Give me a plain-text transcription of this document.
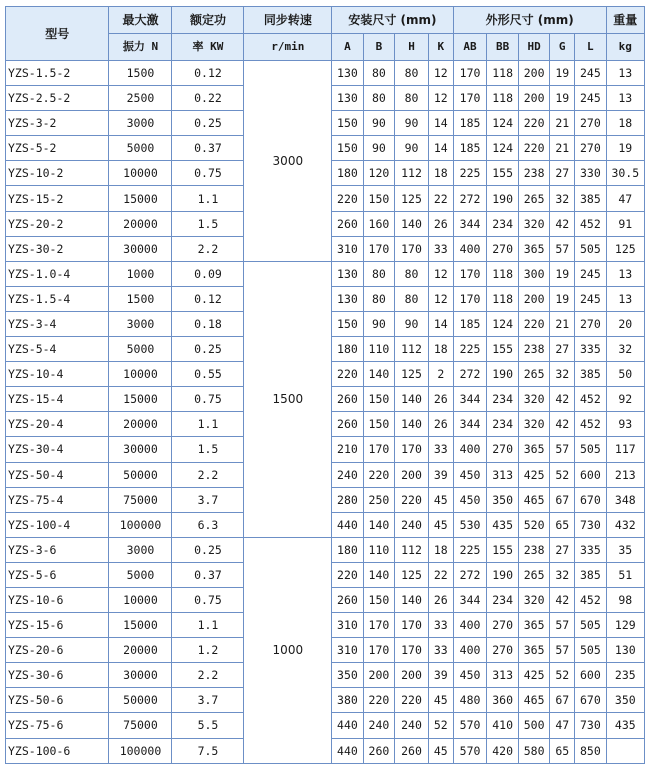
型号	最大激	额定功	同步转速	安装尺寸 (mm)				外形尺寸 (mm)					重量
	振力 N	率 KW	r/min	A	B	H	K	AB	BB	HD	G	L	kg
YZS-1.5-2	1500	0.12	3000	130	80	80	12	170	118	200	19	245	13
YZS-2.5-2	2500	0.22		130	80	80	12	170	118	200	19	245	13
YZS-3-2	3000	0.25		150	90	90	14	185	124	220	21	270	18
YZS-5-2	5000	0.37		150	90	90	14	185	124	220	21	270	19
YZS-10-2	10000	0.75		180	120	112	18	225	155	238	27	330	30.5
YZS-15-2	15000	1.1		220	150	125	22	272	190	265	32	385	47
YZS-20-2	20000	1.5		260	160	140	26	344	234	320	42	452	91
YZS-30-2	30000	2.2		310	170	170	33	400	270	365	57	505	125
YZS-1.0-4	1000	0.09	1500	130	80	80	12	170	118	300	19	245	13
YZS-1.5-4	1500	0.12		130	80	80	12	170	118	200	19	245	13
YZS-3-4	3000	0.18		150	90	90	14	185	124	220	21	270	20
YZS-5-4	5000	0.25		180	110	112	18	225	155	238	27	335	32
YZS-10-4	10000	0.55		220	140	125	2	272	190	265	32	385	50
YZS-15-4	15000	0.75		260	150	140	26	344	234	320	42	452	92
YZS-20-4	20000	1.1		260	150	140	26	344	234	320	42	452	93
YZS-30-4	30000	1.5		210	170	170	33	400	270	365	57	505	117
YZS-50-4	50000	2.2		240	220	200	39	450	313	425	52	600	213
YZS-75-4	75000	3.7		280	250	220	45	450	350	465	67	670	348
YZS-100-4	100000	6.3		440	140	240	45	530	435	520	65	730	432
YZS-3-6	3000	0.25	1000	180	110	112	18	225	155	238	27	335	35
YZS-5-6	5000	0.37		220	140	125	22	272	190	265	32	385	51
YZS-10-6	10000	0.75		260	150	140	26	344	234	320	42	452	98
YZS-15-6	15000	1.1		310	170	170	33	400	270	365	57	505	129
YZS-20-6	20000	1.2		310	170	170	33	400	270	365	57	505	130
YZS-30-6	30000	2.2		350	200	200	39	450	313	425	52	600	235
YZS-50-6	50000	3.7		380	220	220	45	480	360	465	67	670	350
YZS-75-6	75000	5.5		440	240	240	52	570	410	500	47	730	435
YZS-100-6	100000	7.5		440	260	260	45	570	420	580	65	850	
